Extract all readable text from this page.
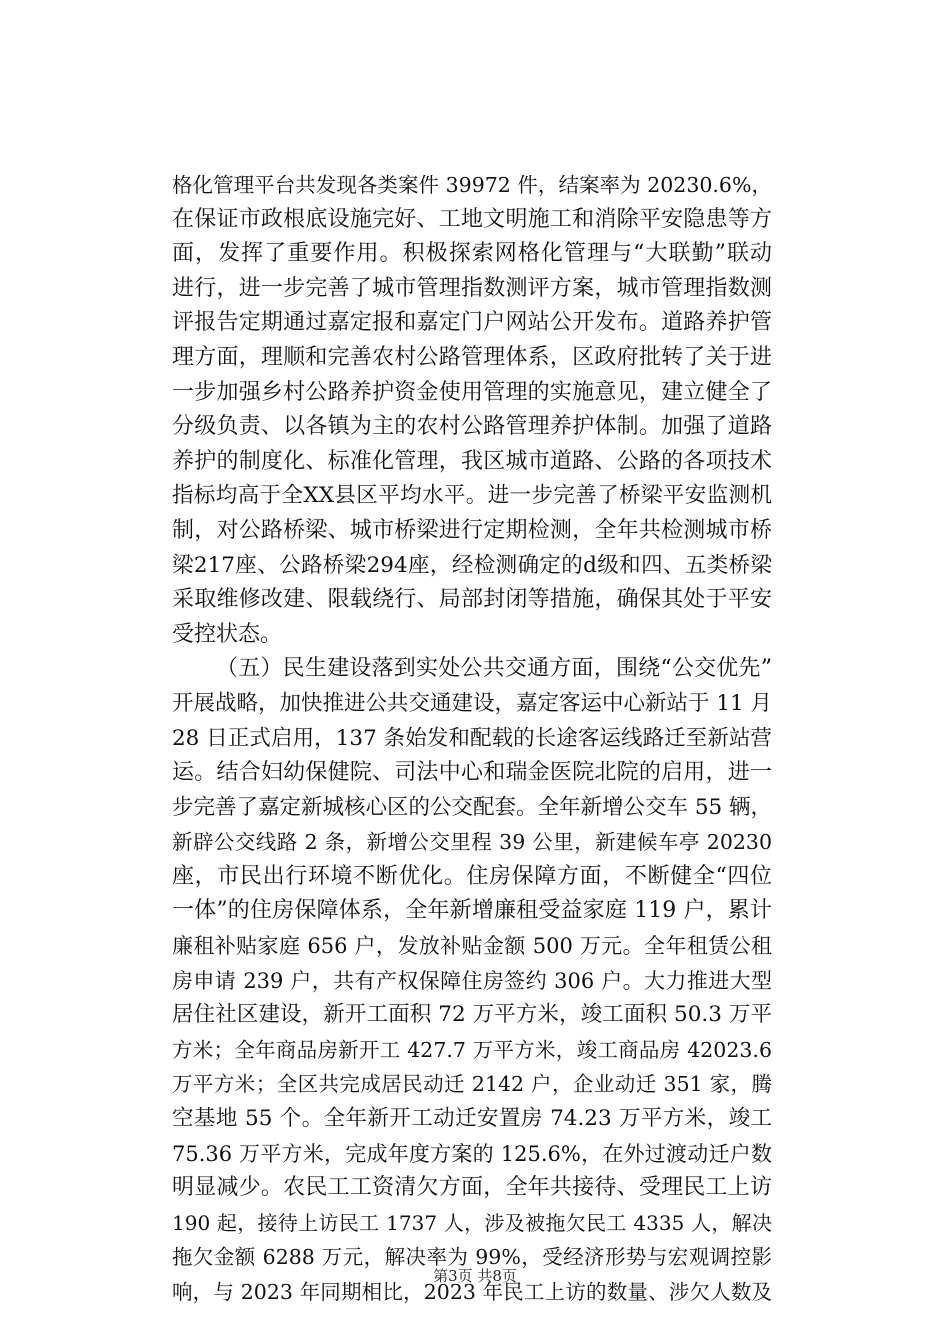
格化管理平台共发现各类案件 39972 件，结案率为 20230.6%，
在保证市政根底设施完好、工地文明施工和消除平安隐患等方
面，发挥了重要作用。积极探索网格化管理与“大联勤”联动
进行，进一步完善了城市管理指数测评方案，城市管理指数测
评报告定期通过嘉定报和嘉定门户网站公开发布。道路养护管
理方面，理顺和完善农村公路管理体系，区政府批转了关于进
一步加强乡村公路养护资金使用管理的实施意见，建立健全了
分级负责、以各镇为主的农村公路管理养护体制。加强了道路
养护的制度化、标准化管理，我区城市道路、公路的各项技术
指标均高于全XX县区平均水平。进一步完善了桥梁平安监测机
制，对公路桥梁、城市桥梁进行定期检测，全年共检测城市桥
梁217座、公路桥梁294座，经检测确定的d级和四、五类桥梁
采取维修改建、限载绕行、局部封闭等措施，确保其处于平安
受控状态。
（五）民生建设落到实处公共交通方面，围绕“公交优先”
开展战略，加快推进公共交通建设，嘉定客运中心新站于 11 月
28 日正式启用，137 条始发和配载的长途客运线路迁至新站营
运。结合妇幼保健院、司法中心和瑞金医院北院的启用，进一
步完善了嘉定新城核心区的公交配套。全年新增公交车 55 辆，
新辟公交线路 2 条，新增公交里程 39 公里，新建候车亭 20230
座，市民出行环境不断优化。住房保障方面，不断健全“四位
一体”的住房保障体系，全年新增廉租受益家庭 119 户，累计
廉租补贴家庭 656 户，发放补贴金额 500 万元。全年租赁公租
房申请 239 户，共有产权保障住房签约 306 户。大力推进大型
居住社区建设，新开工面积 72 万平方米，竣工面积 50.3 万平
方米；全年商品房新开工 427.7 万平方米，竣工商品房 42023.6
万平方米；全区共完成居民动迁 2142 户，企业动迁 351 家，腾
空基地 55 个。全年新开工动迁安置房 74.23 万平方米，竣工
75.36 万平方米，完成年度方案的 125.6%，在外过渡动迁户数
明显减少。农民工工资清欠方面，全年共接待、受理民工上访
190 起，接待上访民工 1737 人，涉及被拖欠民工 4335 人，解决
拖欠金额 6288 万元，解决率为 99%，受经济形势与宏观调控影
响，与 2023 年同期相比，2023 年民工上访的数量、涉欠人数及
第3页 共8页
